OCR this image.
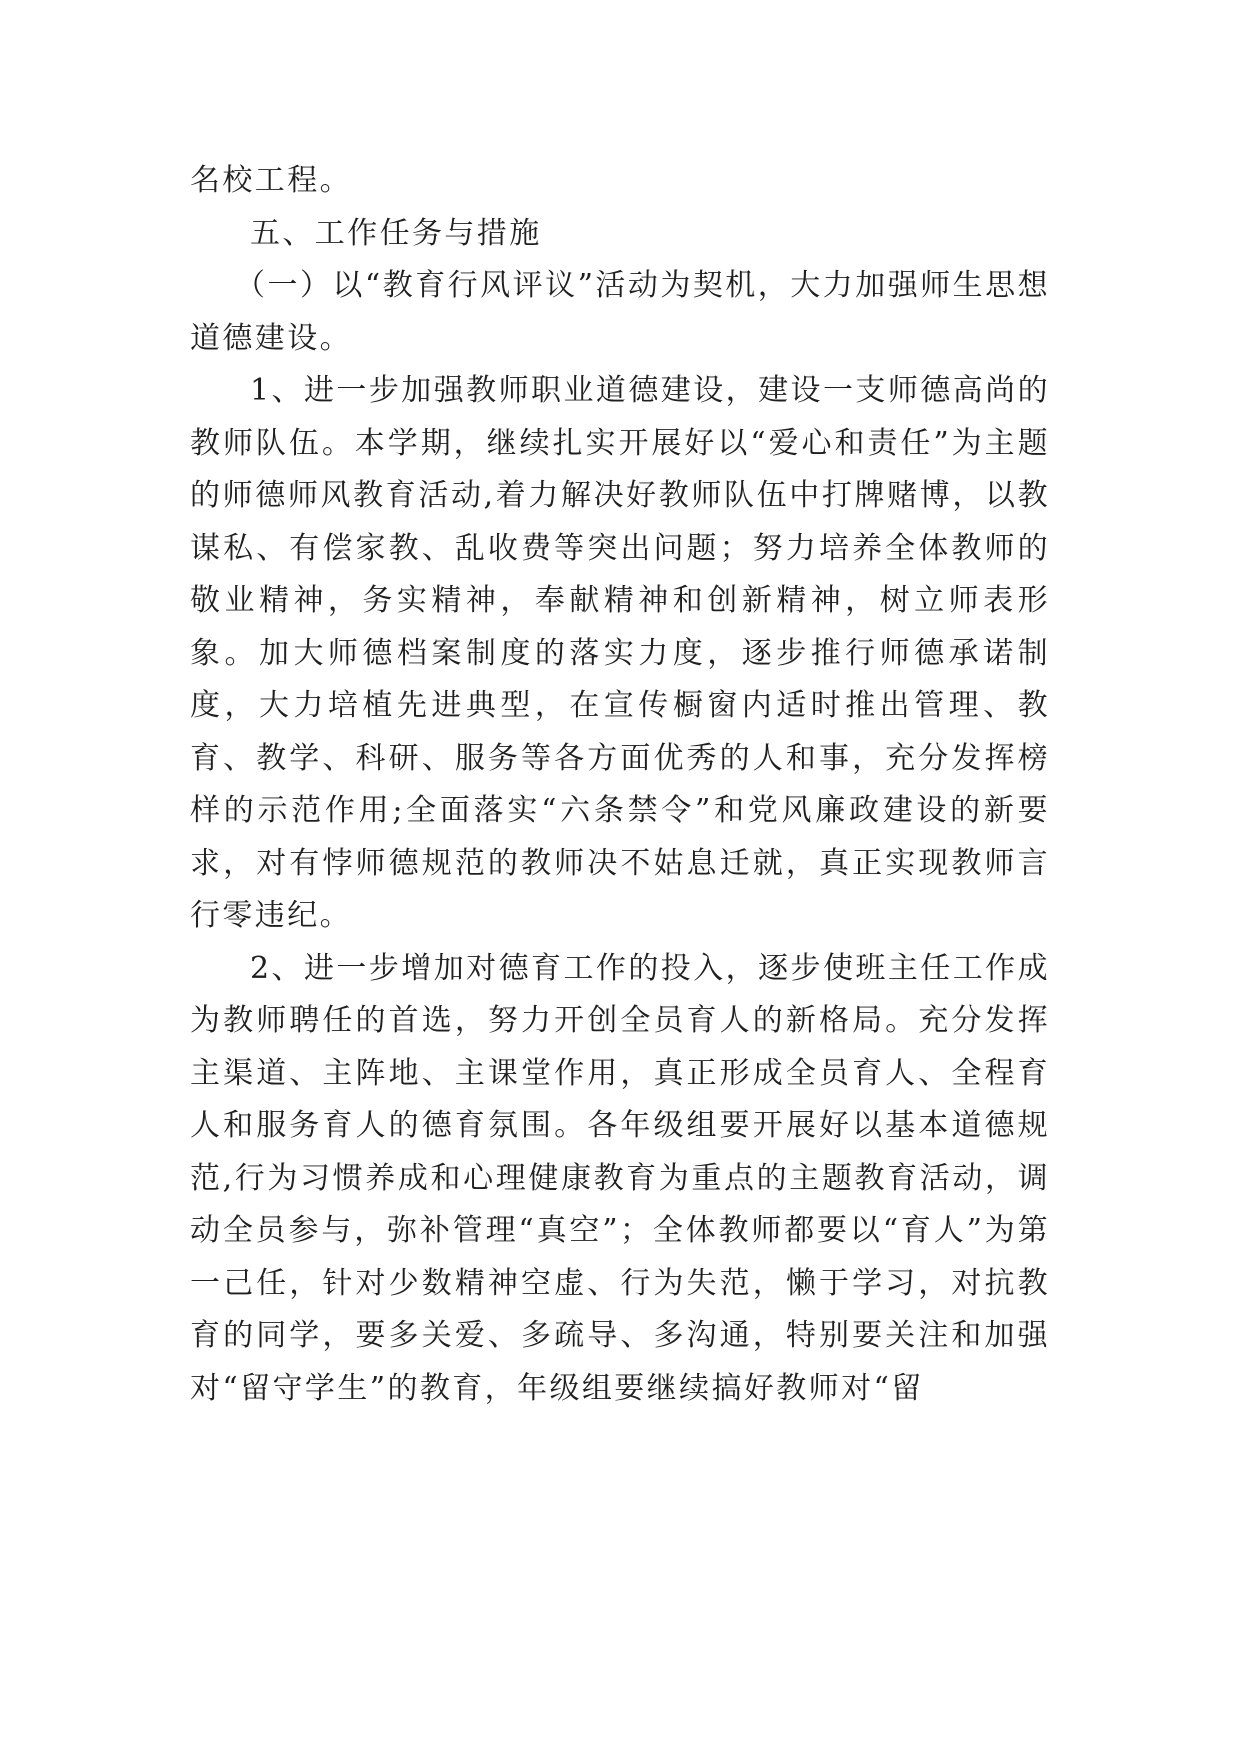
名校工程。

五、工作任务与措施

（一）以“教育行风评议”活动为契机，大力加强师生思想道德建设。

1、进一步加强教师职业道德建设，建设一支师德高尚的教师队伍。本学期，继续扎实开展好以“爱心和责任”为主题的师德师风教育活动,着力解决好教师队伍中打牌赌博，以教谋私、有偿家教、乱收费等突出问题；努力培养全体教师的敬业精神，务实精神，奉献精神和创新精神，树立师表形象。加大师德档案制度的落实力度，逐步推行师德承诺制度，大力培植先进典型，在宣传橱窗内适时推出管理、教育、教学、科研、服务等各方面优秀的人和事，充分发挥榜样的示范作用;全面落实“六条禁令”和党风廉政建设的新要求，对有悖师德规范的教师决不姑息迁就，真正实现教师言行零违纪。

2、进一步增加对德育工作的投入，逐步使班主任工作成为教师聘任的首选，努力开创全员育人的新格局。充分发挥主渠道、主阵地、主课堂作用，真正形成全员育人、全程育人和服务育人的德育氛围。各年级组要开展好以基本道德规范,行为习惯养成和心理健康教育为重点的主题教育活动，调动全员参与，弥补管理“真空”；全体教师都要以“育人”为第一己任，针对少数精神空虚、行为失范，懒于学习，对抗教育的同学，要多关爱、多疏导、多沟通，特别要关注和加强对“留守学生”的教育，年级组要继续搞好教师对“留
